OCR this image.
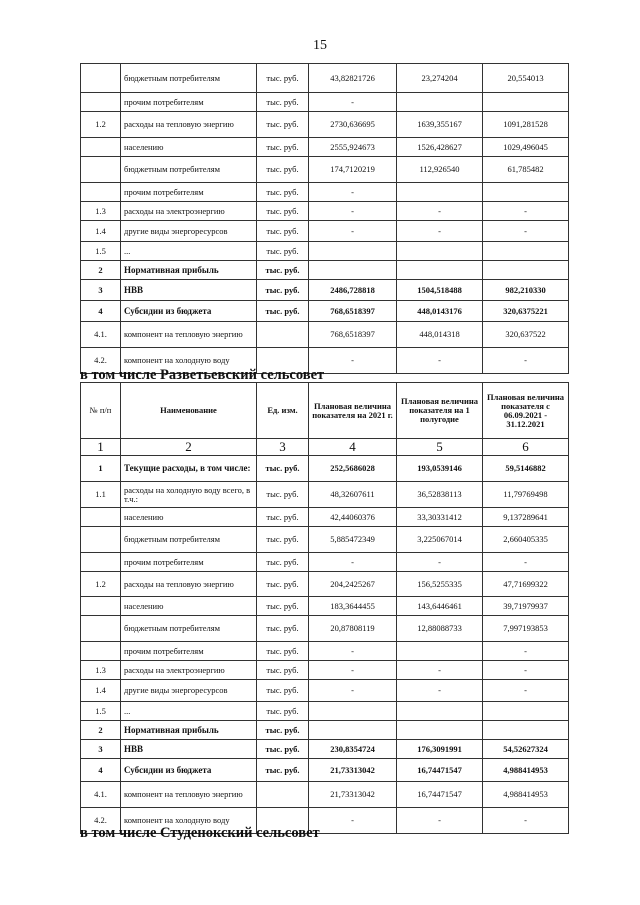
15
	бюджетным потребителям	тыс. руб.	43,82821726	23,274204	20,554013
	прочим потребителям	тыс. руб.	-		
1.2	расходы на тепловую энергию	тыс. руб.	2730,636695	1639,355167	1091,281528
	населению	тыс. руб.	2555,924673	1526,428627	1029,496045
	бюджетным потребителям	тыс. руб.	174,7120219	112,926540	61,785482
	прочим потребителям	тыс. руб.	-		
1.3	расходы на электроэнергию	тыс. руб.	-	-	-
1.4	другие виды энергоресурсов	тыс. руб.	-	-	-
1.5	...	тыс. руб.			
2	Нормативная прибыль	тыс. руб.			
3	НВВ	тыс. руб.	2486,728818	1504,518488	982,210330
4	Субсидии из бюджета	тыс. руб.	768,6518397	448,0143176	320,6375221
4.1.	компонент на тепловую энергию		768,6518397	448,014318	320,637522
4.2.	компонент на холодную воду		-	-	-
в том числе Разветьевский сельсовет
№ п/п	Наименование	Ед. изм.	Плановая величина показателя на 2021 г.	Плановая величина показателя на 1 полугодие	Плановая величина показателя с 06.09.2021 - 31.12.2021
1	2	3	4	5	6
1	Текущие расходы, в том числе:	тыс. руб.	252,5686028	193,0539146	59,5146882
1.1	расходы на холодную воду всего, в т.ч.:	тыс. руб.	48,32607611	36,52838113	11,79769498
	населению	тыс. руб.	42,44060376	33,30331412	9,137289641
	бюджетным потребителям	тыс. руб.	5,885472349	3,225067014	2,660405335
	прочим потребителям	тыс. руб.	-	-	-
1.2	расходы на тепловую энергию	тыс. руб.	204,2425267	156,5255335	47,71699322
	населению	тыс. руб.	183,3644455	143,6446461	39,71979937
	бюджетным потребителям	тыс. руб.	20,87808119	12,88088733	7,997193853
	прочим потребителям	тыс. руб.	-		-
1.3	расходы на электроэнергию	тыс. руб.	-	-	-
1.4	другие виды энергоресурсов	тыс. руб.	-	-	-
1.5	...	тыс. руб.			
2	Нормативная прибыль	тыс. руб.			
3	НВВ	тыс. руб.	230,8354724	176,3091991	54,52627324
4	Субсидии из бюджета	тыс. руб.	21,73313042	16,74471547	4,988414953
4.1.	компонент на тепловую энергию		21,73313042	16,74471547	4,988414953
4.2.	компонент на холодную воду		-	-	-
в том числе Студенокский сельсовет
